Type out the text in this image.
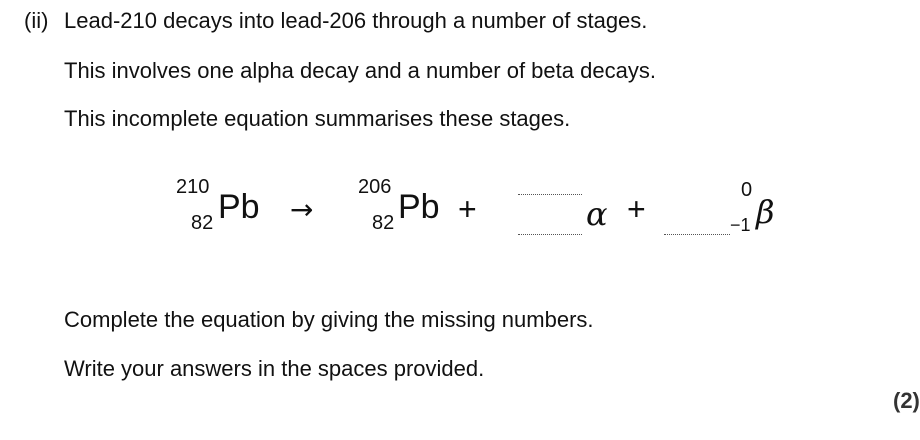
(ii) Lead-210 decays into lead-206 through a number of stages.
This involves one alpha decay and a number of beta decays.
This incomplete equation summarises these stages.
210
82 Pb →
206
82 Pb +	α +
0
−1 β
Complete the equation by giving the missing numbers.
Write your answers in the spaces provided.
(2)
